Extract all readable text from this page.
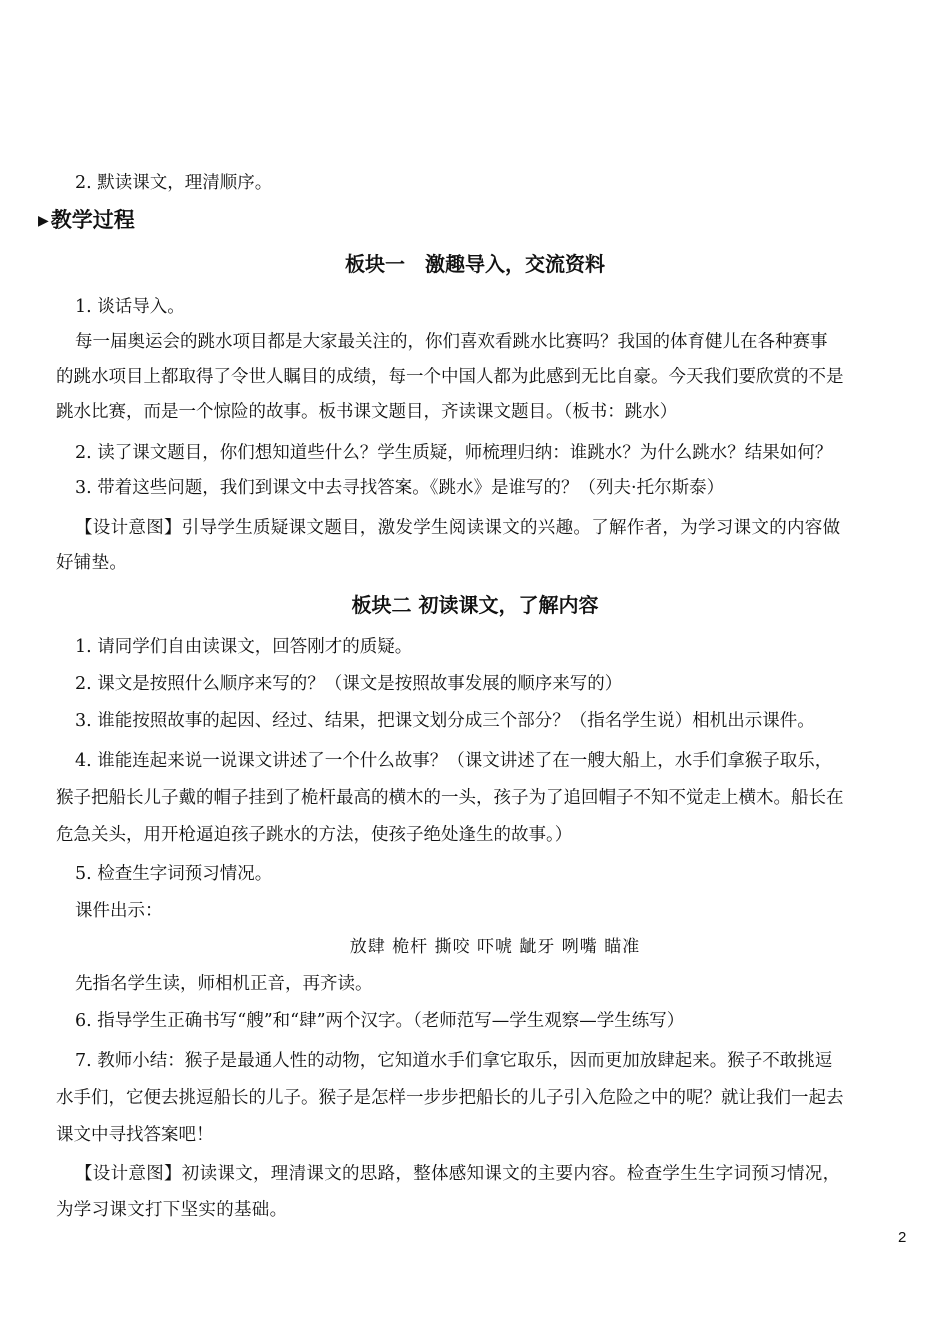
2. 默读课文，理清顺序。

▶教学过程
板块一　激趣导入，交流资料

1. 谈话导入。

每一届奥运会的跳水项目都是大家最关注的，你们喜欢看跳水比赛吗？我国的体育健儿在各种赛事

的跳水项目上都取得了令世人瞩目的成绩，每一个中国人都为此感到无比自豪。今天我们要欣赏的不是

跳水比赛，而是一个惊险的故事。板书课文题目，齐读课文题目。（板书：跳水）

2. 读了课文题目，你们想知道些什么？学生质疑，师梳理归纳：谁跳水？为什么跳水？结果如何？

3. 带着这些问题，我们到课文中去寻找答案。《跳水》是谁写的？（列夫·托尔斯泰）

【设计意图】引导学生质疑课文题目，激发学生阅读课文的兴趣。了解作者，为学习课文的内容做

好铺垫。

板块二 初读课文，了解内容

1. 请同学们自由读课文，回答刚才的质疑。

2. 课文是按照什么顺序来写的？（课文是按照故事发展的顺序来写的）

3. 谁能按照故事的起因、经过、结果，把课文划分成三个部分？（指名学生说）相机出示课件。

4. 谁能连起来说一说课文讲述了一个什么故事？（课文讲述了在一艘大船上，水手们拿猴子取乐，

猴子把船长儿子戴的帽子挂到了桅杆最高的横木的一头，孩子为了追回帽子不知不觉走上横木。船长在

危急关头，用开枪逼迫孩子跳水的方法，使孩子绝处逢生的故事。）

5. 检查生字词预习情况。

课件出示：

放肆 桅杆 撕咬 吓唬 龇牙 咧嘴 瞄准

先指名学生读，师相机正音，再齐读。

6. 指导学生正确书写“艘”和“肆”两个汉字。（老师范写—学生观察—学生练写）

7. 教师小结：猴子是最通人性的动物，它知道水手们拿它取乐，因而更加放肆起来。猴子不敢挑逗

水手们，它便去挑逗船长的儿子。猴子是怎样一步步把船长的儿子引入危险之中的呢？就让我们一起去

课文中寻找答案吧！

【设计意图】初读课文，理清课文的思路，整体感知课文的主要内容。检查学生生字词预习情况，

为学习课文打下坚实的基础。

2
